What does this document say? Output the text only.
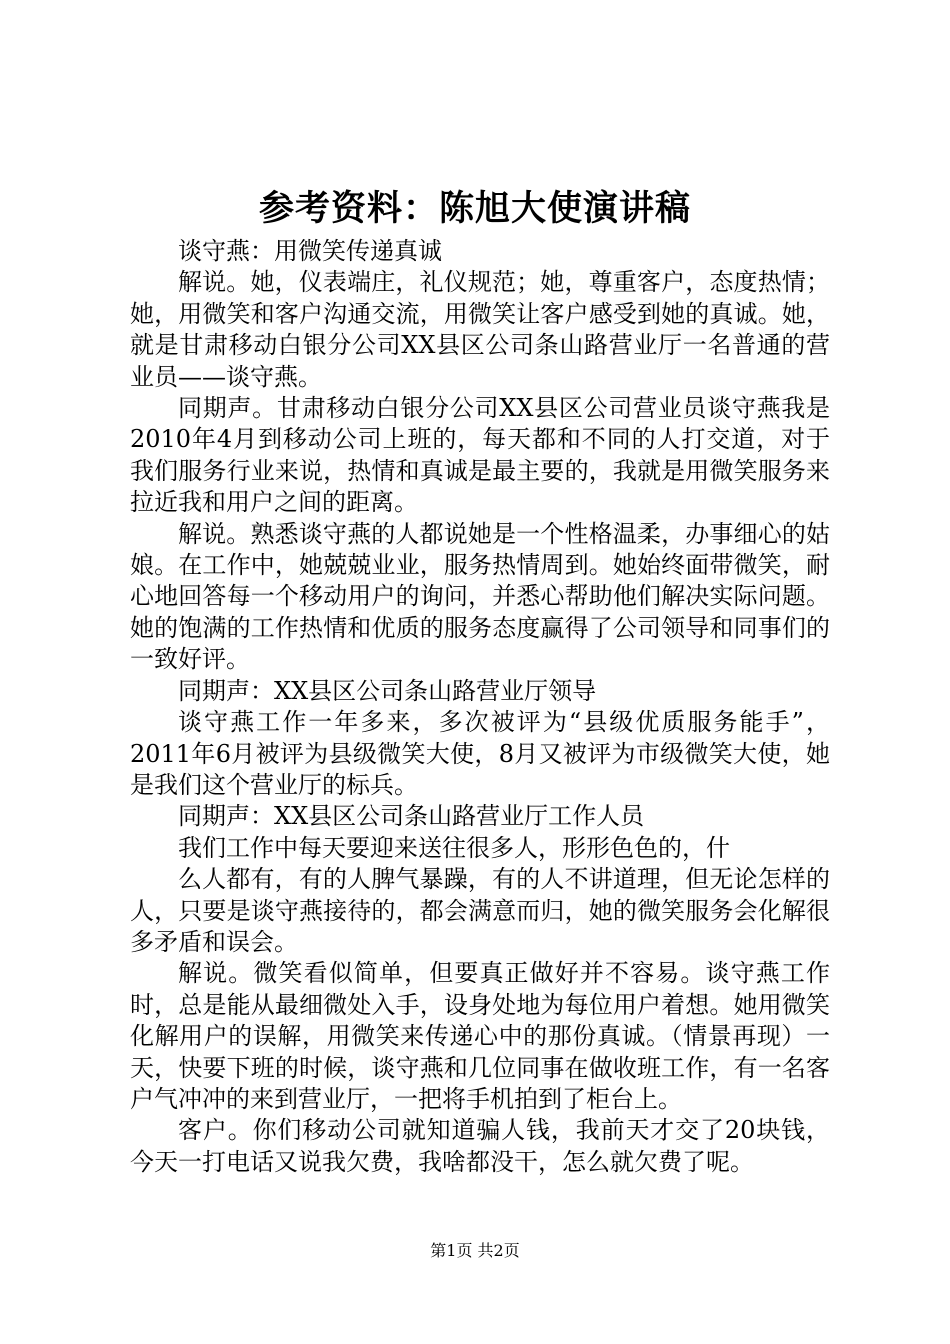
参考资料：陈旭大使演讲稿

谈守燕：用微笑传递真诚

解说。她，仪表端庄，礼仪规范；她，尊重客户，态度热情；她，用微笑和客户沟通交流，用微笑让客户感受到她的真诚。她，就是甘肃移动白银分公司XX县区公司条山路营业厅一名普通的营业员——谈守燕。

同期声。甘肃移动白银分公司XX县区公司营业员谈守燕我是2010年4月到移动公司上班的，每天都和不同的人打交道，对于我们服务行业来说，热情和真诚是最主要的，我就是用微笑服务来拉近我和用户之间的距离。

解说。熟悉谈守燕的人都说她是一个性格温柔，办事细心的姑娘。在工作中，她兢兢业业，服务热情周到。她始终面带微笑，耐心地回答每一个移动用户的询问，并悉心帮助他们解决实际问题。她的饱满的工作热情和优质的服务态度赢得了公司领导和同事们的一致好评。

同期声：XX县区公司条山路营业厅领导

谈守燕工作一年多来，多次被评为“县级优质服务能手”，2011年6月被评为县级微笑大使，8月又被评为市级微笑大使，她是我们这个营业厅的标兵。

同期声：XX县区公司条山路营业厅工作人员

我们工作中每天要迎来送往很多人，形形色色的，什

么人都有，有的人脾气暴躁，有的人不讲道理，但无论怎样的人，只要是谈守燕接待的，都会满意而归，她的微笑服务会化解很多矛盾和误会。

解说。微笑看似简单，但要真正做好并不容易。谈守燕工作时，总是能从最细微处入手，设身处地为每位用户着想。她用微笑化解用户的误解，用微笑来传递心中的那份真诚。（情景再现）一天，快要下班的时候，谈守燕和几位同事在做收班工作，有一名客户气冲冲的来到营业厅，一把将手机拍到了柜台上。

客户。你们移动公司就知道骗人钱，我前天才交了20块钱，今天一打电话又说我欠费，我啥都没干，怎么就欠费了呢。

第1页 共2页
